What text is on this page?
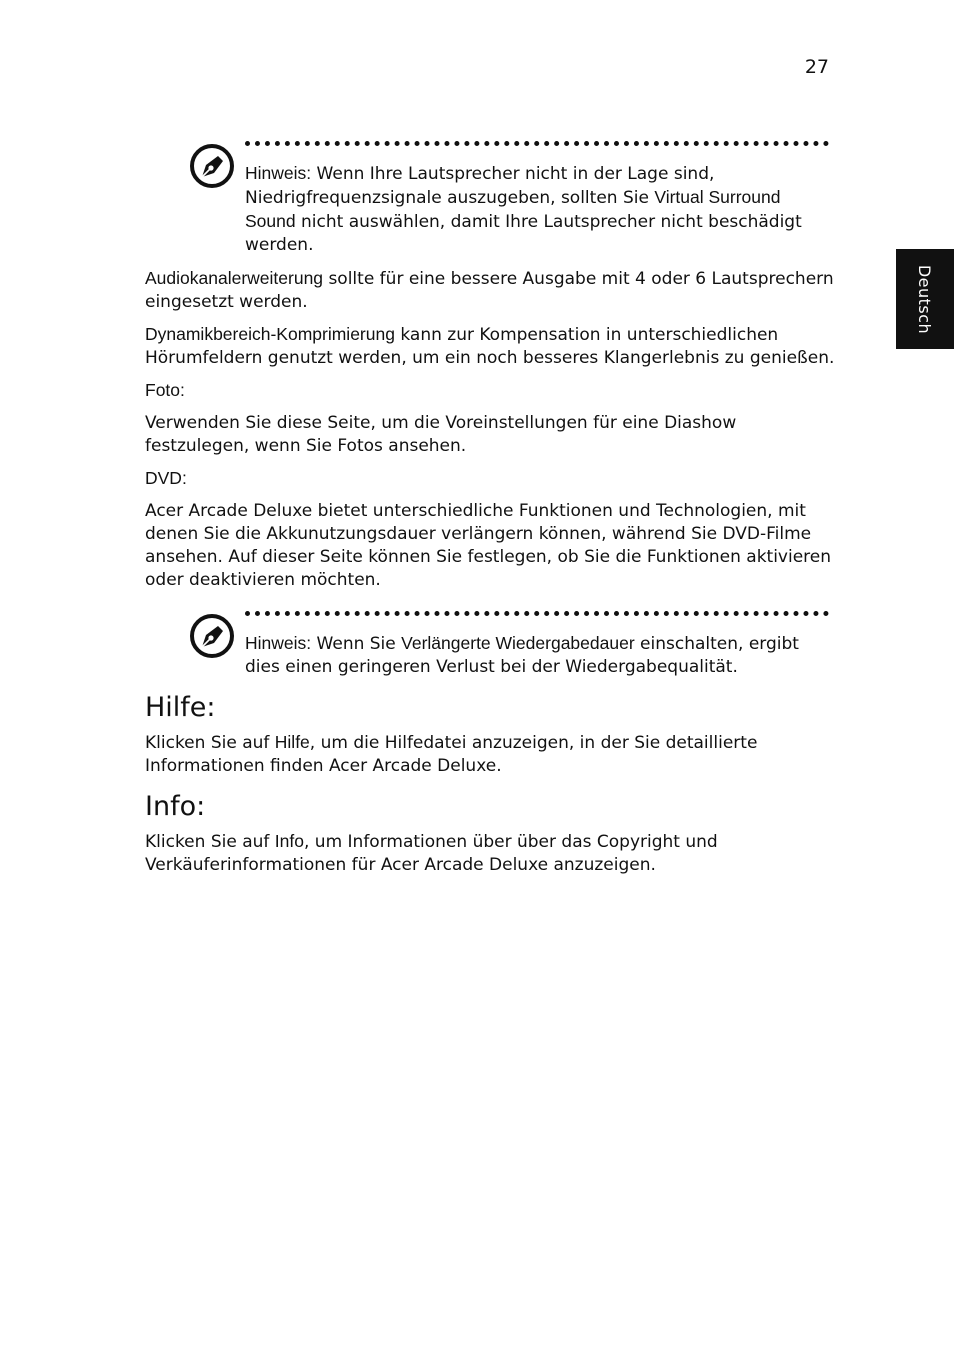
27
Deutsch

Hinweis: Wenn Ihre Lautsprecher nicht in der Lage sind, Niedrigfrequenzsignale auszugeben, sollten Sie Virtual Surround Sound nicht auswählen, damit Ihre Lautsprecher nicht beschädigt werden.

Audiokanalerweiterung sollte für eine bessere Ausgabe mit 4 oder 6 Lautsprechern eingesetzt werden.

Dynamikbereich-Komprimierung kann zur Kompensation in unterschiedlichen Hörumfeldern genutzt werden, um ein noch besseres Klangerlebnis zu genießen.

Foto:

Verwenden Sie diese Seite, um die Voreinstellungen für eine Diashow festzulegen, wenn Sie Fotos ansehen.

DVD:

Acer Arcade Deluxe bietet unterschiedliche Funktionen und Technologien, mit denen Sie die Akkunutzungsdauer verlängern können, während Sie DVD-Filme ansehen. Auf dieser Seite können Sie festlegen, ob Sie die Funktionen aktivieren oder deaktivieren möchten.

Hinweis: Wenn Sie Verlängerte Wiedergabedauer einschalten, ergibt dies einen geringeren Verlust bei der Wiedergabequalität.

Hilfe:

Klicken Sie auf Hilfe, um die Hilfedatei anzuzeigen, in der Sie detaillierte Informationen finden Acer Arcade Deluxe.

Info:

Klicken Sie auf Info, um Informationen über über das Copyright und Verkäuferinformationen für Acer Arcade Deluxe anzuzeigen.
